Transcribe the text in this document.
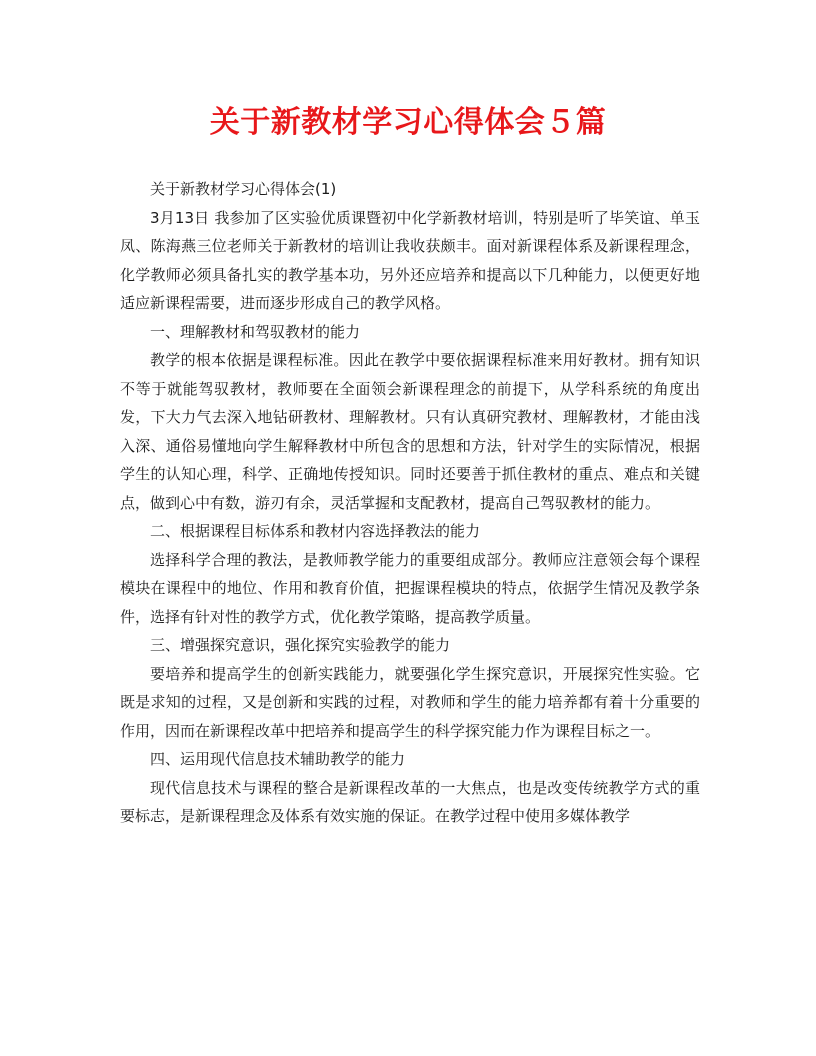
关于新教材学习心得体会５篇

关于新教材学习心得体会(1)

3月13日 我参加了区实验优质课暨初中化学新教材培训，特别是听了毕笑谊、单玉凤、陈海燕三位老师关于新教材的培训让我收获颇丰。面对新课程体系及新课程理念，化学教师必须具备扎实的教学基本功，另外还应培养和提高以下几种能力，以便更好地适应新课程需要，进而逐步形成自己的教学风格。

一、理解教材和驾驭教材的能力

教学的根本依据是课程标准。因此在教学中要依据课程标准来用好教材。拥有知识不等于就能驾驭教材，教师要在全面领会新课程理念的前提下，从学科系统的角度出发，下大力气去深入地钻研教材、理解教材。只有认真研究教材、理解教材，才能由浅入深、通俗易懂地向学生解释教材中所包含的思想和方法，针对学生的实际情况，根据学生的认知心理，科学、正确地传授知识。同时还要善于抓住教材的重点、难点和关键点，做到心中有数，游刃有余，灵活掌握和支配教材，提高自己驾驭教材的能力。

二、根据课程目标体系和教材内容选择教法的能力

选择科学合理的教法，是教师教学能力的重要组成部分。教师应注意领会每个课程模块在课程中的地位、作用和教育价值，把握课程模块的特点，依据学生情况及教学条件，选择有针对性的教学方式，优化教学策略，提高教学质量。

三、增强探究意识，强化探究实验教学的能力

要培养和提高学生的创新实践能力，就要强化学生探究意识，开展探究性实验。它既是求知的过程，又是创新和实践的过程，对教师和学生的能力培养都有着十分重要的作用，因而在新课程改革中把培养和提高学生的科学探究能力作为课程目标之一。

四、运用现代信息技术辅助教学的能力

现代信息技术与课程的整合是新课程改革的一大焦点，也是改变传统教学方式的重要标志，是新课程理念及体系有效实施的保证。在教学过程中使用多媒体教学
